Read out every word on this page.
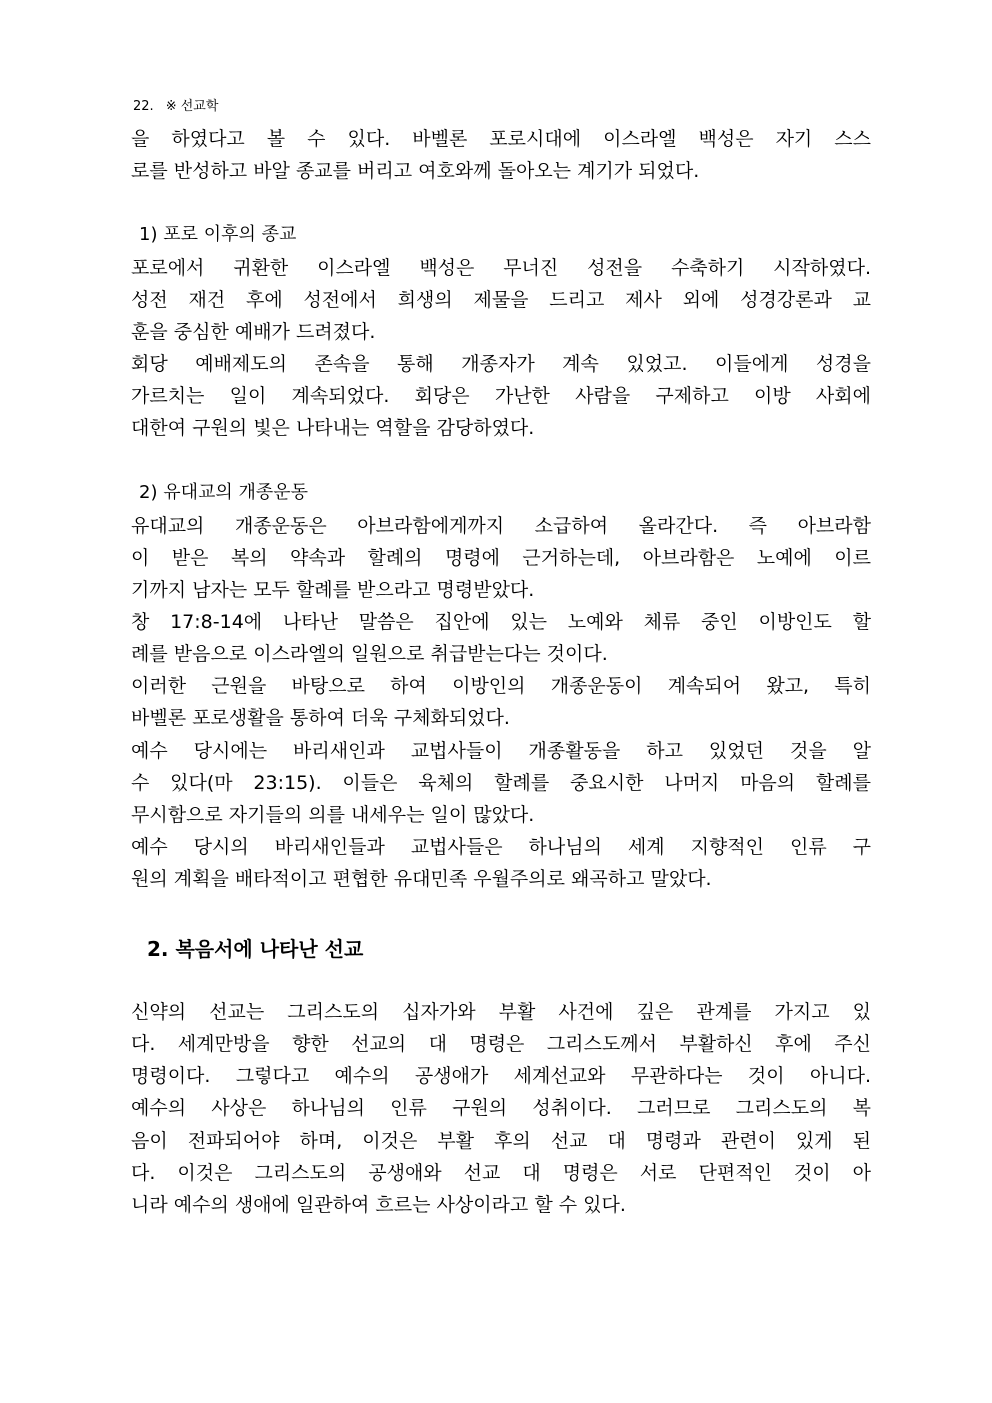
22. ※ 선교학
을 하였다고 볼 수 있다. 바벨론 포로시대에 이스라엘 백성은 자기 스스
로를 반성하고 바알 종교를 버리고 여호와께 돌아오는 계기가 되었다.
1) 포로 이후의 종교
포로에서 귀환한 이스라엘 백성은 무너진 성전을 수축하기 시작하였다.
성전 재건 후에 성전에서 희생의 제물을 드리고 제사 외에 성경강론과 교
훈을 중심한 예배가 드려졌다.
회당 예배제도의 존속을 통해 개종자가 계속 있었고. 이들에게 성경을
가르치는 일이 계속되었다. 회당은 가난한 사람을 구제하고 이방 사회에
대한여 구원의 빛은 나타내는 역할을 감당하였다.
2) 유대교의 개종운동
유대교의 개종운동은 아브라함에게까지 소급하여 올라간다. 즉 아브라함
이 받은 복의 약속과 할례의 명령에 근거하는데, 아브라함은 노예에 이르
기까지 남자는 모두 할례를 받으라고 명령받았다.
창 17:8-14에 나타난 말씀은 집안에 있는 노예와 체류 중인 이방인도 할
례를 받음으로 이스라엘의 일원으로 취급받는다는 것이다.
이러한 근원을 바탕으로 하여 이방인의 개종운동이 계속되어 왔고, 특히
바벨론 포로생활을 통하여 더욱 구체화되었다.
예수 당시에는 바리새인과 교법사들이 개종활동을 하고 있었던 것을 알
수 있다(마 23:15). 이들은 육체의 할례를 중요시한 나머지 마음의 할례를
무시함으로 자기들의 의를 내세우는 일이 많았다.
예수 당시의 바리새인들과 교법사들은 하나님의 세계 지향적인 인류 구
원의 계획을 배타적이고 편협한 유대민족 우월주의로 왜곡하고 말았다.
2. 복음서에 나타난 선교
신약의 선교는 그리스도의 십자가와 부활 사건에 깊은 관계를 가지고 있
다. 세계만방을 향한 선교의 대 명령은 그리스도께서 부활하신 후에 주신
명령이다. 그렇다고 예수의 공생애가 세계선교와 무관하다는 것이 아니다.
예수의 사상은 하나님의 인류 구원의 성취이다. 그러므로 그리스도의 복
음이 전파되어야 하며, 이것은 부활 후의 선교 대 명령과 관련이 있게 된
다. 이것은 그리스도의 공생애와 선교 대 명령은 서로 단편적인 것이 아
니라 예수의 생애에 일관하여 흐르는 사상이라고 할 수 있다.
